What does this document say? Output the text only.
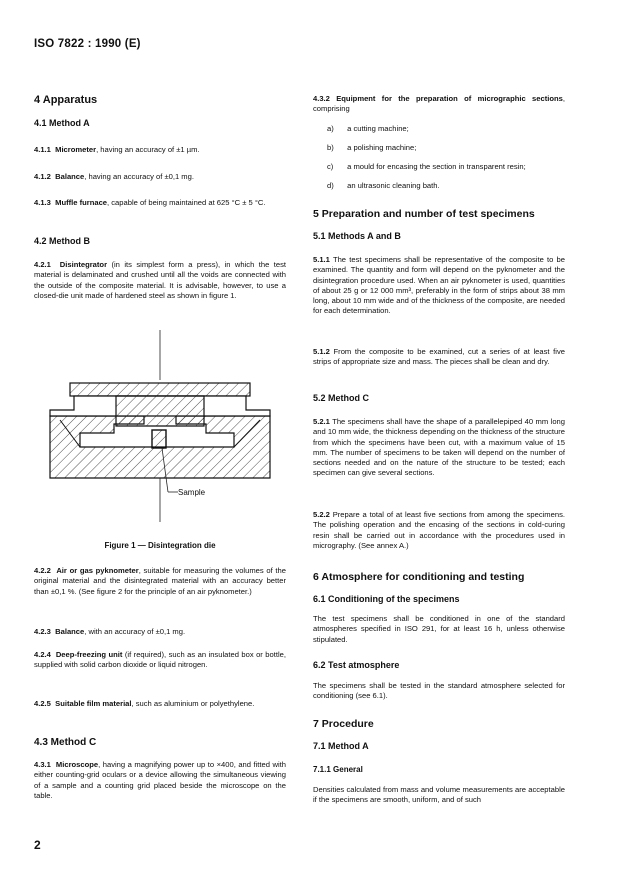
ISO 7822 : 1990 (E)

4 Apparatus

4.1 Method A

4.1.1 Micrometer, having an accuracy of ±1 µm.

4.1.2 Balance, having an accuracy of ±0,1 mg.

4.1.3 Muffle furnace, capable of being maintained at 625 °C ± 5 °C.

4.2 Method B

4.2.1 Disintegrator (in its simplest form a press), in which the test material is delaminated and crushed until all the voids are connected with the outside of the composite material. It is advisable, however, to use a closed-die unit made of hardened steel as shown in figure 1.

Sample

Figure 1 — Disintegration die

4.2.2 Air or gas pyknometer, suitable for measuring the volumes of the original material and the disintegrated material with an accuracy better than ±0,1 %. (See figure 2 for the principle of an air pyknometer.)

4.2.3 Balance, with an accuracy of ±0,1 mg.

4.2.4 Deep-freezing unit (if required), such as an insulated box or bottle, supplied with solid carbon dioxide or liquid nitrogen.

4.2.5 Suitable film material, such as aluminium or polyethylene.

4.3 Method C

4.3.1 Microscope, having a magnifying power up to ×400, and fitted with either counting-grid oculars or a device allowing the simultaneous viewing of a sample and a counting grid placed beside the microscope on the table.

4.3.2 Equipment for the preparation of micrographic sections, comprising

a) a cutting machine;

b) a polishing machine;

c) a mould for encasing the section in transparent resin;

d) an ultrasonic cleaning bath.

5 Preparation and number of test specimens

5.1 Methods A and B

5.1.1 The test specimens shall be representative of the composite to be examined. The quantity and form will depend on the pyknometer and the disintegration procedure used. When an air pyknometer is used, quantities of about 25 g or 12 000 mm³, preferably in the form of strips about 38 mm long, about 10 mm wide and of the thickness of the composite, are needed for each determination.

5.1.2 From the composite to be examined, cut a series of at least five strips of appropriate size and mass. The pieces shall be clean and dry.

5.2 Method C

5.2.1 The specimens shall have the shape of a parallelepiped 40 mm long and 10 mm wide, the thickness depending on the thickness of the structure from which the specimens have been cut, with a maximum value of 15 mm. The number of specimens to be taken will depend on the number of sections needed and on the nature of the structure to be tested; each specimen can give several sections.

5.2.2 Prepare a total of at least five sections from among the specimens. The polishing operation and the encasing of the sections in cold-curing resin shall be carried out in accordance with the procedures used in micrography. (See annex A.)

6 Atmosphere for conditioning and testing

6.1 Conditioning of the specimens

The test specimens shall be conditioned in one of the standard atmospheres specified in ISO 291, for at least 16 h, unless otherwise stipulated.

6.2 Test atmosphere

The specimens shall be tested in the standard atmosphere selected for conditioning (see 6.1).

7 Procedure

7.1 Method A

7.1.1 General

Densities calculated from mass and volume measurements are acceptable if the specimens are smooth, uniform, and of such

2
